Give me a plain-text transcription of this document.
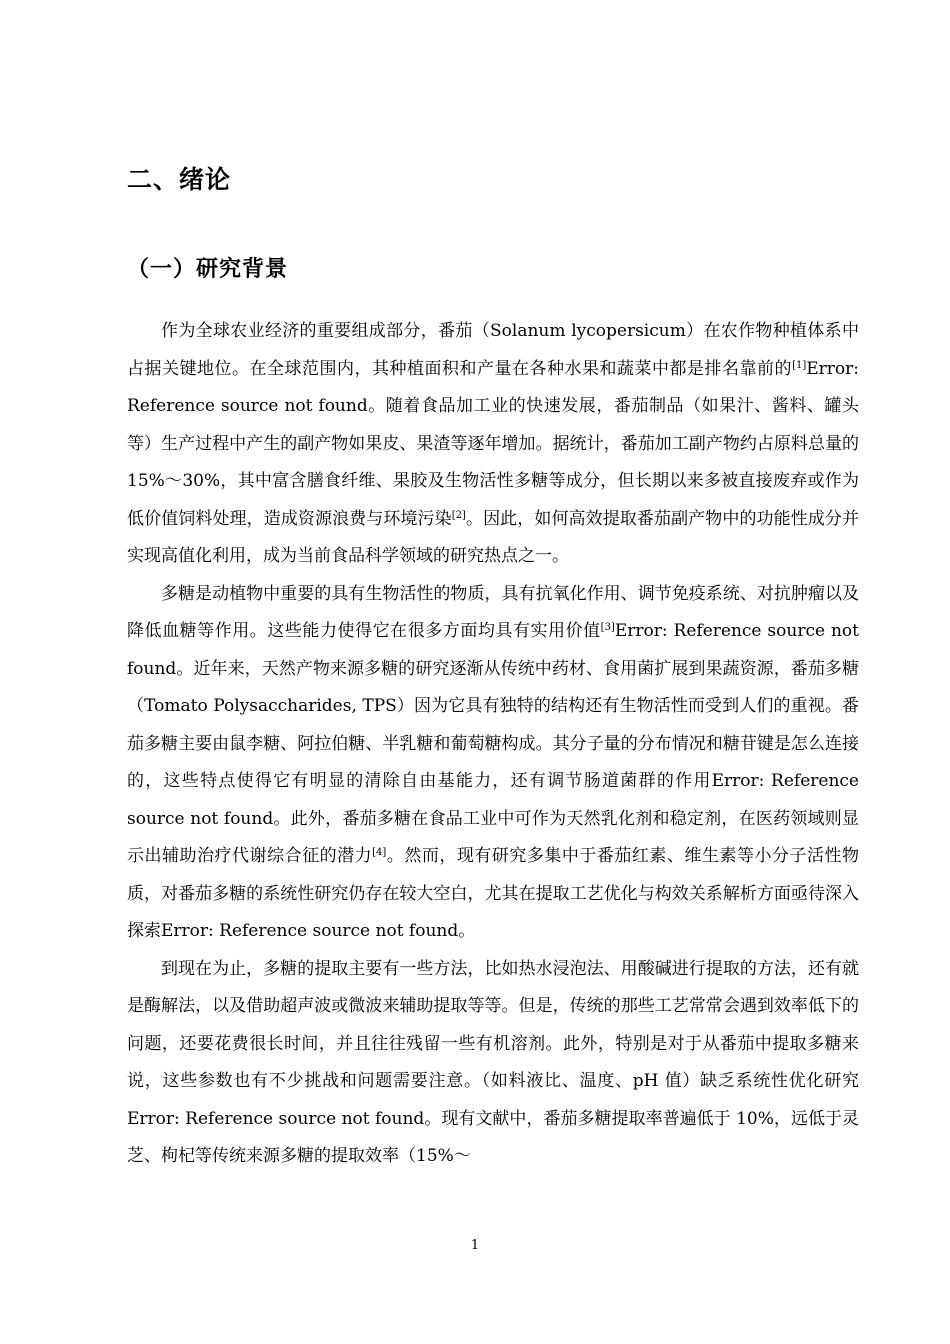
二、绪论
（一）研究背景

作为全球农业经济的重要组成部分，番茄（Solanum lycopersicum）在农作物种植体系中占据关键地位。在全球范围内，其种植面积和产量在各种水果和蔬菜中都是排名靠前的[1]Error: Reference source not found。随着食品加工业的快速发展，番茄制品（如果汁、酱料、罐头等）生产过程中产生的副产物如果皮、果渣等逐年增加。据统计，番茄加工副产物约占原料总量的 15%～30%，其中富含膳食纤维、果胶及生物活性多糖等成分，但长期以来多被直接废弃或作为低价值饲料处理，造成资源浪费与环境污染[2]。因此，如何高效提取番茄副产物中的功能性成分并实现高值化利用，成为当前食品科学领域的研究热点之一。

多糖是动植物中重要的具有生物活性的物质，具有抗氧化作用、调节免疫系统、对抗肿瘤以及降低血糖等作用。这些能力使得它在很多方面均具有实用价值[3]Error: Reference source not found。近年来，天然产物来源多糖的研究逐渐从传统中药材、食用菌扩展到果蔬资源，番茄多糖（Tomato Polysaccharides, TPS）因为它具有独特的结构还有生物活性而受到人们的重视。番茄多糖主要由鼠李糖、阿拉伯糖、半乳糖和葡萄糖构成。其分子量的分布情况和糖苷键是怎么连接的，这些特点使得它有明显的清除自由基能力，还有调节肠道菌群的作用Error: Reference source not found。此外，番茄多糖在食品工业中可作为天然乳化剂和稳定剂，在医药领域则显示出辅助治疗代谢综合征的潜力[4]。然而，现有研究多集中于番茄红素、维生素等小分子活性物质，对番茄多糖的系统性研究仍存在较大空白，尤其在提取工艺优化与构效关系解析方面亟待深入探索Error: Reference source not found。

到现在为止，多糖的提取主要有一些方法，比如热水浸泡法、用酸碱进行提取的方法，还有就是酶解法，以及借助超声波或微波来辅助提取等等。但是，传统的那些工艺常常会遇到效率低下的问题，还要花费很长时间，并且往往残留一些有机溶剂。此外，特别是对于从番茄中提取多糖来说，这些参数也有不少挑战和问题需要注意。（如料液比、温度、pH 值）缺乏系统性优化研究Error: Reference source not found。现有文献中，番茄多糖提取率普遍低于 10%，远低于灵芝、枸杞等传统来源多糖的提取效率（15%～

1
